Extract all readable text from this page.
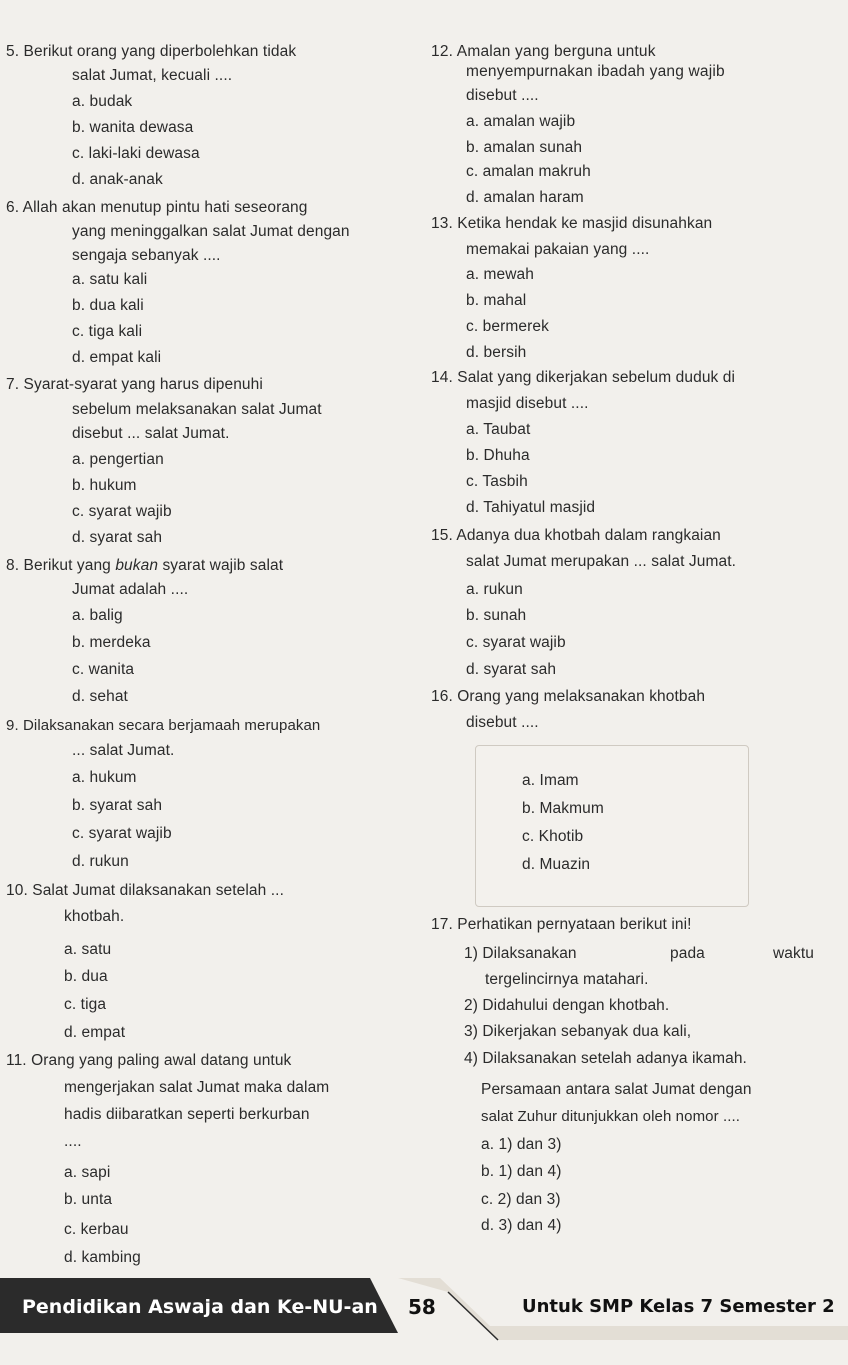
5. Berikut orang yang diperbolehkan tidak
salat Jumat, kecuali ....
a. budak
b. wanita dewasa
c. laki-laki dewasa
d. anak-anak
6. Allah akan menutup pintu hati seseorang
yang meninggalkan salat Jumat dengan
sengaja sebanyak ....
a. satu kali
b. dua kali
c. tiga kali
d. empat kali
7. Syarat-syarat yang harus dipenuhi
sebelum melaksanakan salat Jumat
disebut ... salat Jumat.
a. pengertian
b. hukum
c. syarat wajib
d. syarat sah
8. Berikut yang bukan syarat wajib salat
Jumat adalah ....
a. balig
b. merdeka
c. wanita
d. sehat
9. Dilaksanakan secara berjamaah merupakan
... salat Jumat.
a. hukum
b. syarat sah
c. syarat wajib
d. rukun
10. Salat Jumat dilaksanakan setelah ...
khotbah.
a. satu
b. dua
c. tiga
d. empat
11. Orang yang paling awal datang untuk
mengerjakan salat Jumat maka dalam
hadis diibaratkan seperti berkurban
....
a. sapi
b. unta
c. kerbau
d. kambing
12. Amalan yang berguna untuk
menyempurnakan ibadah yang wajib
disebut ....
a. amalan wajib
b. amalan sunah
c. amalan makruh
d. amalan haram
13. Ketika hendak ke masjid disunahkan
memakai pakaian yang ....
a. mewah
b. mahal
c. bermerek
d. bersih
14. Salat yang dikerjakan sebelum duduk di
masjid disebut ....
a. Taubat
b. Dhuha
c. Tasbih
d. Tahiyatul masjid
15. Adanya dua khotbah dalam rangkaian
salat Jumat merupakan ... salat Jumat.
a. rukun
b. sunah
c. syarat wajib
d. syarat sah
16. Orang yang melaksanakan khotbah
disebut ....
a. Imam
b. Makmum
c. Khotib
d. Muazin
17. Perhatikan pernyataan berikut ini!
1) Dilaksanakan	pada	waktu
tergelincirnya matahari.
2) Didahului dengan khotbah.
3) Dikerjakan sebanyak dua kali,
4) Dilaksanakan setelah adanya ikamah.
Persamaan antara salat Jumat dengan
salat Zuhur ditunjukkan oleh nomor ....
a. 1) dan 3)
b. 1) dan 4)
c. 2) dan 3)
d. 3) dan 4)
Pendidikan Aswaja dan Ke-NU-an 58	Untuk SMP Kelas 7 Semester 2
